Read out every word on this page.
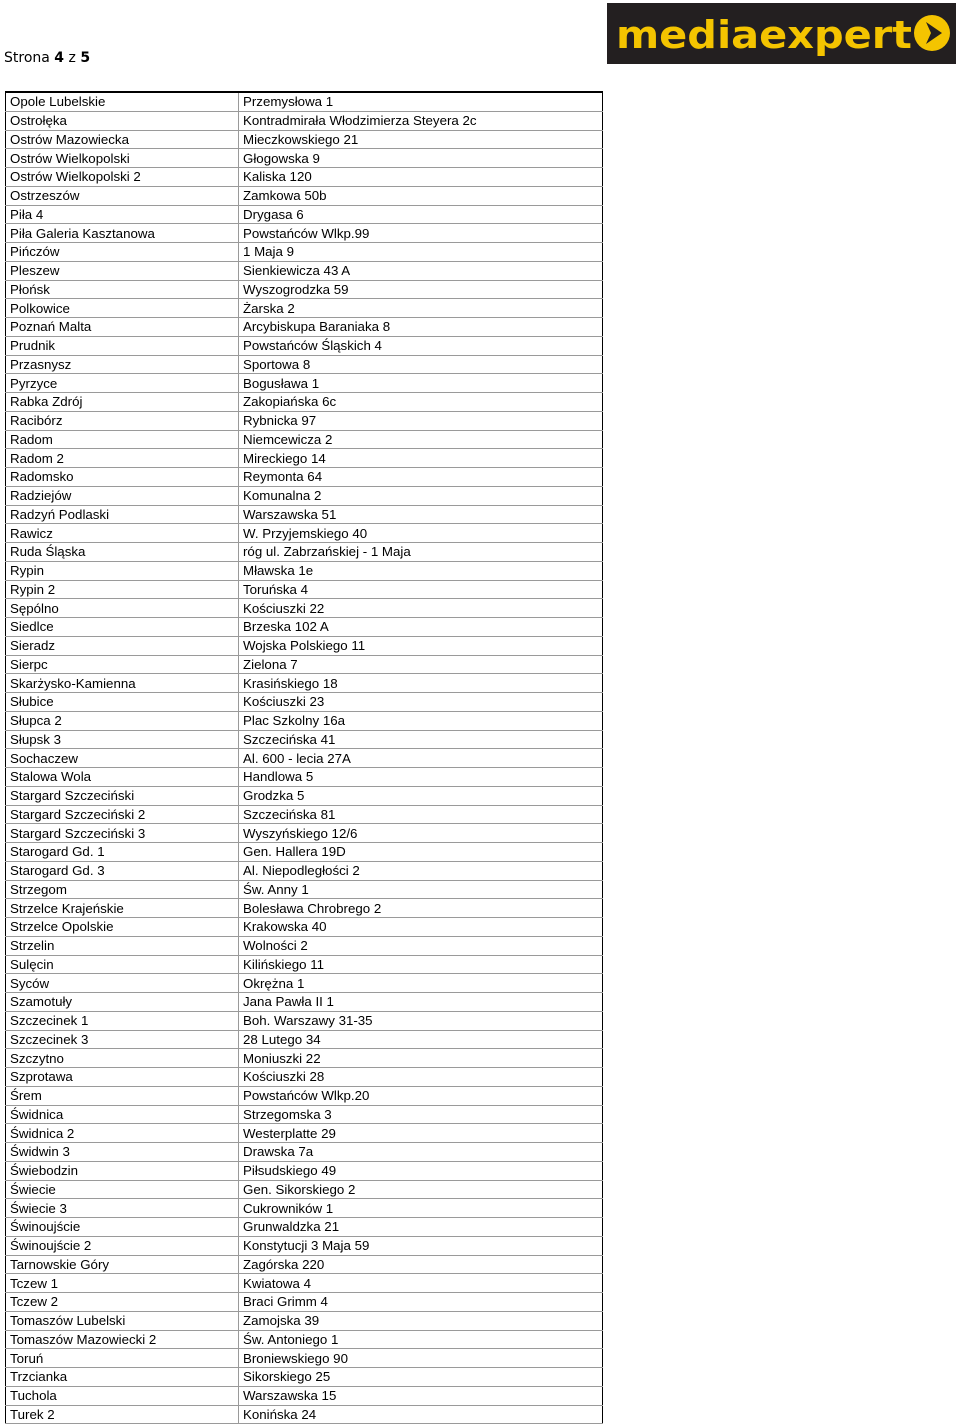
Strona 4 z 5
mediaexpert
Opole Lubelskie	Przemysłowa 1
Ostrołęka	Kontradmirała Włodzimierza Steyera 2c
Ostrów Mazowiecka	Mieczkowskiego 21
Ostrów Wielkopolski	Głogowska 9
Ostrów Wielkopolski 2	Kaliska 120
Ostrzeszów	Zamkowa 50b
Piła 4	Drygasa 6
Piła Galeria Kasztanowa	Powstańców Wlkp.99
Pińczów	1 Maja 9
Pleszew	Sienkiewicza 43 A
Płońsk	Wyszogrodzka 59
Polkowice	Żarska 2
Poznań Malta	Arcybiskupa Baraniaka 8
Prudnik	Powstańców Śląskich 4
Przasnysz	Sportowa 8
Pyrzyce	Bogusława 1
Rabka Zdrój	Zakopiańska 6c
Racibórz	Rybnicka 97
Radom	Niemcewicza 2
Radom 2	Mireckiego 14
Radomsko	Reymonta 64
Radziejów	Komunalna 2
Radzyń Podlaski	Warszawska 51
Rawicz	W. Przyjemskiego 40
Ruda Śląska	róg ul. Zabrzańskiej - 1 Maja
Rypin	Mławska 1e
Rypin 2	Toruńska 4
Sępólno	Kościuszki 22
Siedlce	Brzeska 102 A
Sieradz	Wojska Polskiego 11
Sierpc	Zielona 7
Skarżysko-Kamienna	Krasińskiego 18
Słubice	Kościuszki 23
Słupca 2	Plac Szkolny 16a
Słupsk 3	Szczecińska 41
Sochaczew	Al. 600 - lecia 27A
Stalowa Wola	Handlowa 5
Stargard Szczeciński	Grodzka 5
Stargard Szczeciński 2	Szczecińska 81
Stargard Szczeciński 3	Wyszyńskiego 12/6
Starogard Gd. 1	Gen. Hallera 19D
Starogard Gd. 3	Al. Niepodległości 2
Strzegom	Św. Anny 1
Strzelce Krajeńskie	Bolesława Chrobrego 2
Strzelce Opolskie	Krakowska 40
Strzelin	Wolności 2
Sulęcin	Kilińskiego 11
Syców	Okrężna 1
Szamotuły	Jana Pawła II 1
Szczecinek 1	Boh. Warszawy 31-35
Szczecinek 3	28 Lutego 34
Szczytno	Moniuszki 22
Szprotawa	Kościuszki 28
Śrem	Powstańców Wlkp.20
Świdnica	Strzegomska 3
Świdnica 2	Westerplatte 29
Świdwin 3	Drawska 7a
Świebodzin	Piłsudskiego 49
Świecie	Gen. Sikorskiego 2
Świecie 3	Cukrowników 1
Świnoujście	Grunwaldzka 21
Świnoujście 2	Konstytucji 3 Maja 59
Tarnowskie Góry	Zagórska 220
Tczew 1	Kwiatowa 4
Tczew 2	Braci Grimm 4
Tomaszów Lubelski	Zamojska 39
Tomaszów Mazowiecki 2	Św. Antoniego 1
Toruń	Broniewskiego 90
Trzcianka	Sikorskiego 25
Tuchola	Warszawska 15
Turek 2	Konińska 24
